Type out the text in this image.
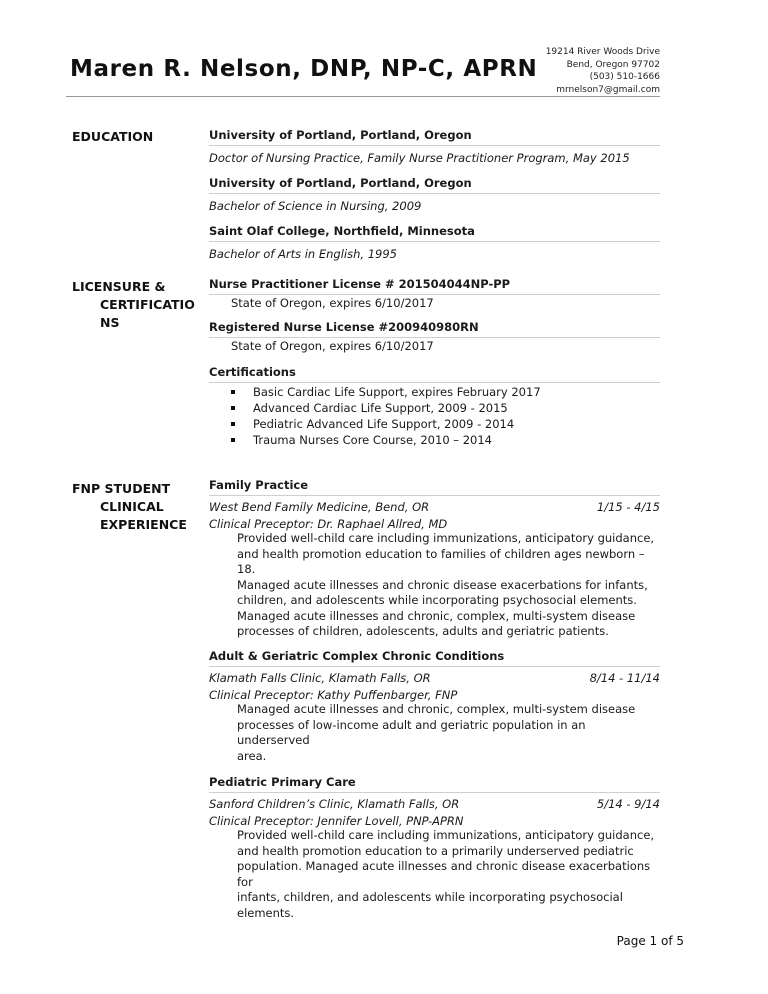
Maren R. Nelson, DNP, NP-C, APRN
19214 River Woods Drive
Bend, Oregon 97702
(503) 510-1666
mrnelson7@gmail.com
EDUCATION	University of Portland, Portland, Oregon
Doctor of Nursing Practice, Family Nurse Practitioner Program, May 2015
University of Portland, Portland, Oregon
Bachelor of Science in Nursing, 2009
Saint Olaf College, Northfield, Minnesota
Bachelor of Arts in English, 1995
LICENSURE &
CERTIFICATIO
NS
Nurse Practitioner License # 201504044NP-PP
State of Oregon, expires 6/10/2017
Registered Nurse License #200940980RN
State of Oregon, expires 6/10/2017
Certifications
Basic Cardiac Life Support, expires February 2017
Advanced Cardiac Life Support, 2009 - 2015
Pediatric Advanced Life Support, 2009 - 2014
Trauma Nurses Core Course, 2010 – 2014
FNP STUDENT
CLINICAL
EXPERIENCE
Family Practice
West Bend Family Medicine, Bend, OR	1/15 - 4/15
Clinical Preceptor: Dr. Raphael Allred, MD
Provided well-child care including immunizations, anticipatory guidance,
and health promotion education to families of children ages newborn – 18.
Managed acute illnesses and chronic disease exacerbations for infants,
children, and adolescents while incorporating psychosocial elements.
Managed acute illnesses and chronic, complex, multi-system disease
processes of children, adolescents, adults and geriatric patients.
Adult & Geriatric Complex Chronic Conditions
Klamath Falls Clinic, Klamath Falls, OR	8/14 - 11/14
Clinical Preceptor: Kathy Puffenbarger, FNP
Managed acute illnesses and chronic, complex, multi-system disease
processes of low-income adult and geriatric population in an underserved
area.
Pediatric Primary Care
Sanford Children’s Clinic, Klamath Falls, OR	5/14 - 9/14
Clinical Preceptor: Jennifer Lovell, PNP-APRN
Provided well-child care including immunizations, anticipatory guidance,
and health promotion education to a primarily underserved pediatric
population. Managed acute illnesses and chronic disease exacerbations for
infants, children, and adolescents while incorporating psychosocial
elements.
Page 1 of 5
